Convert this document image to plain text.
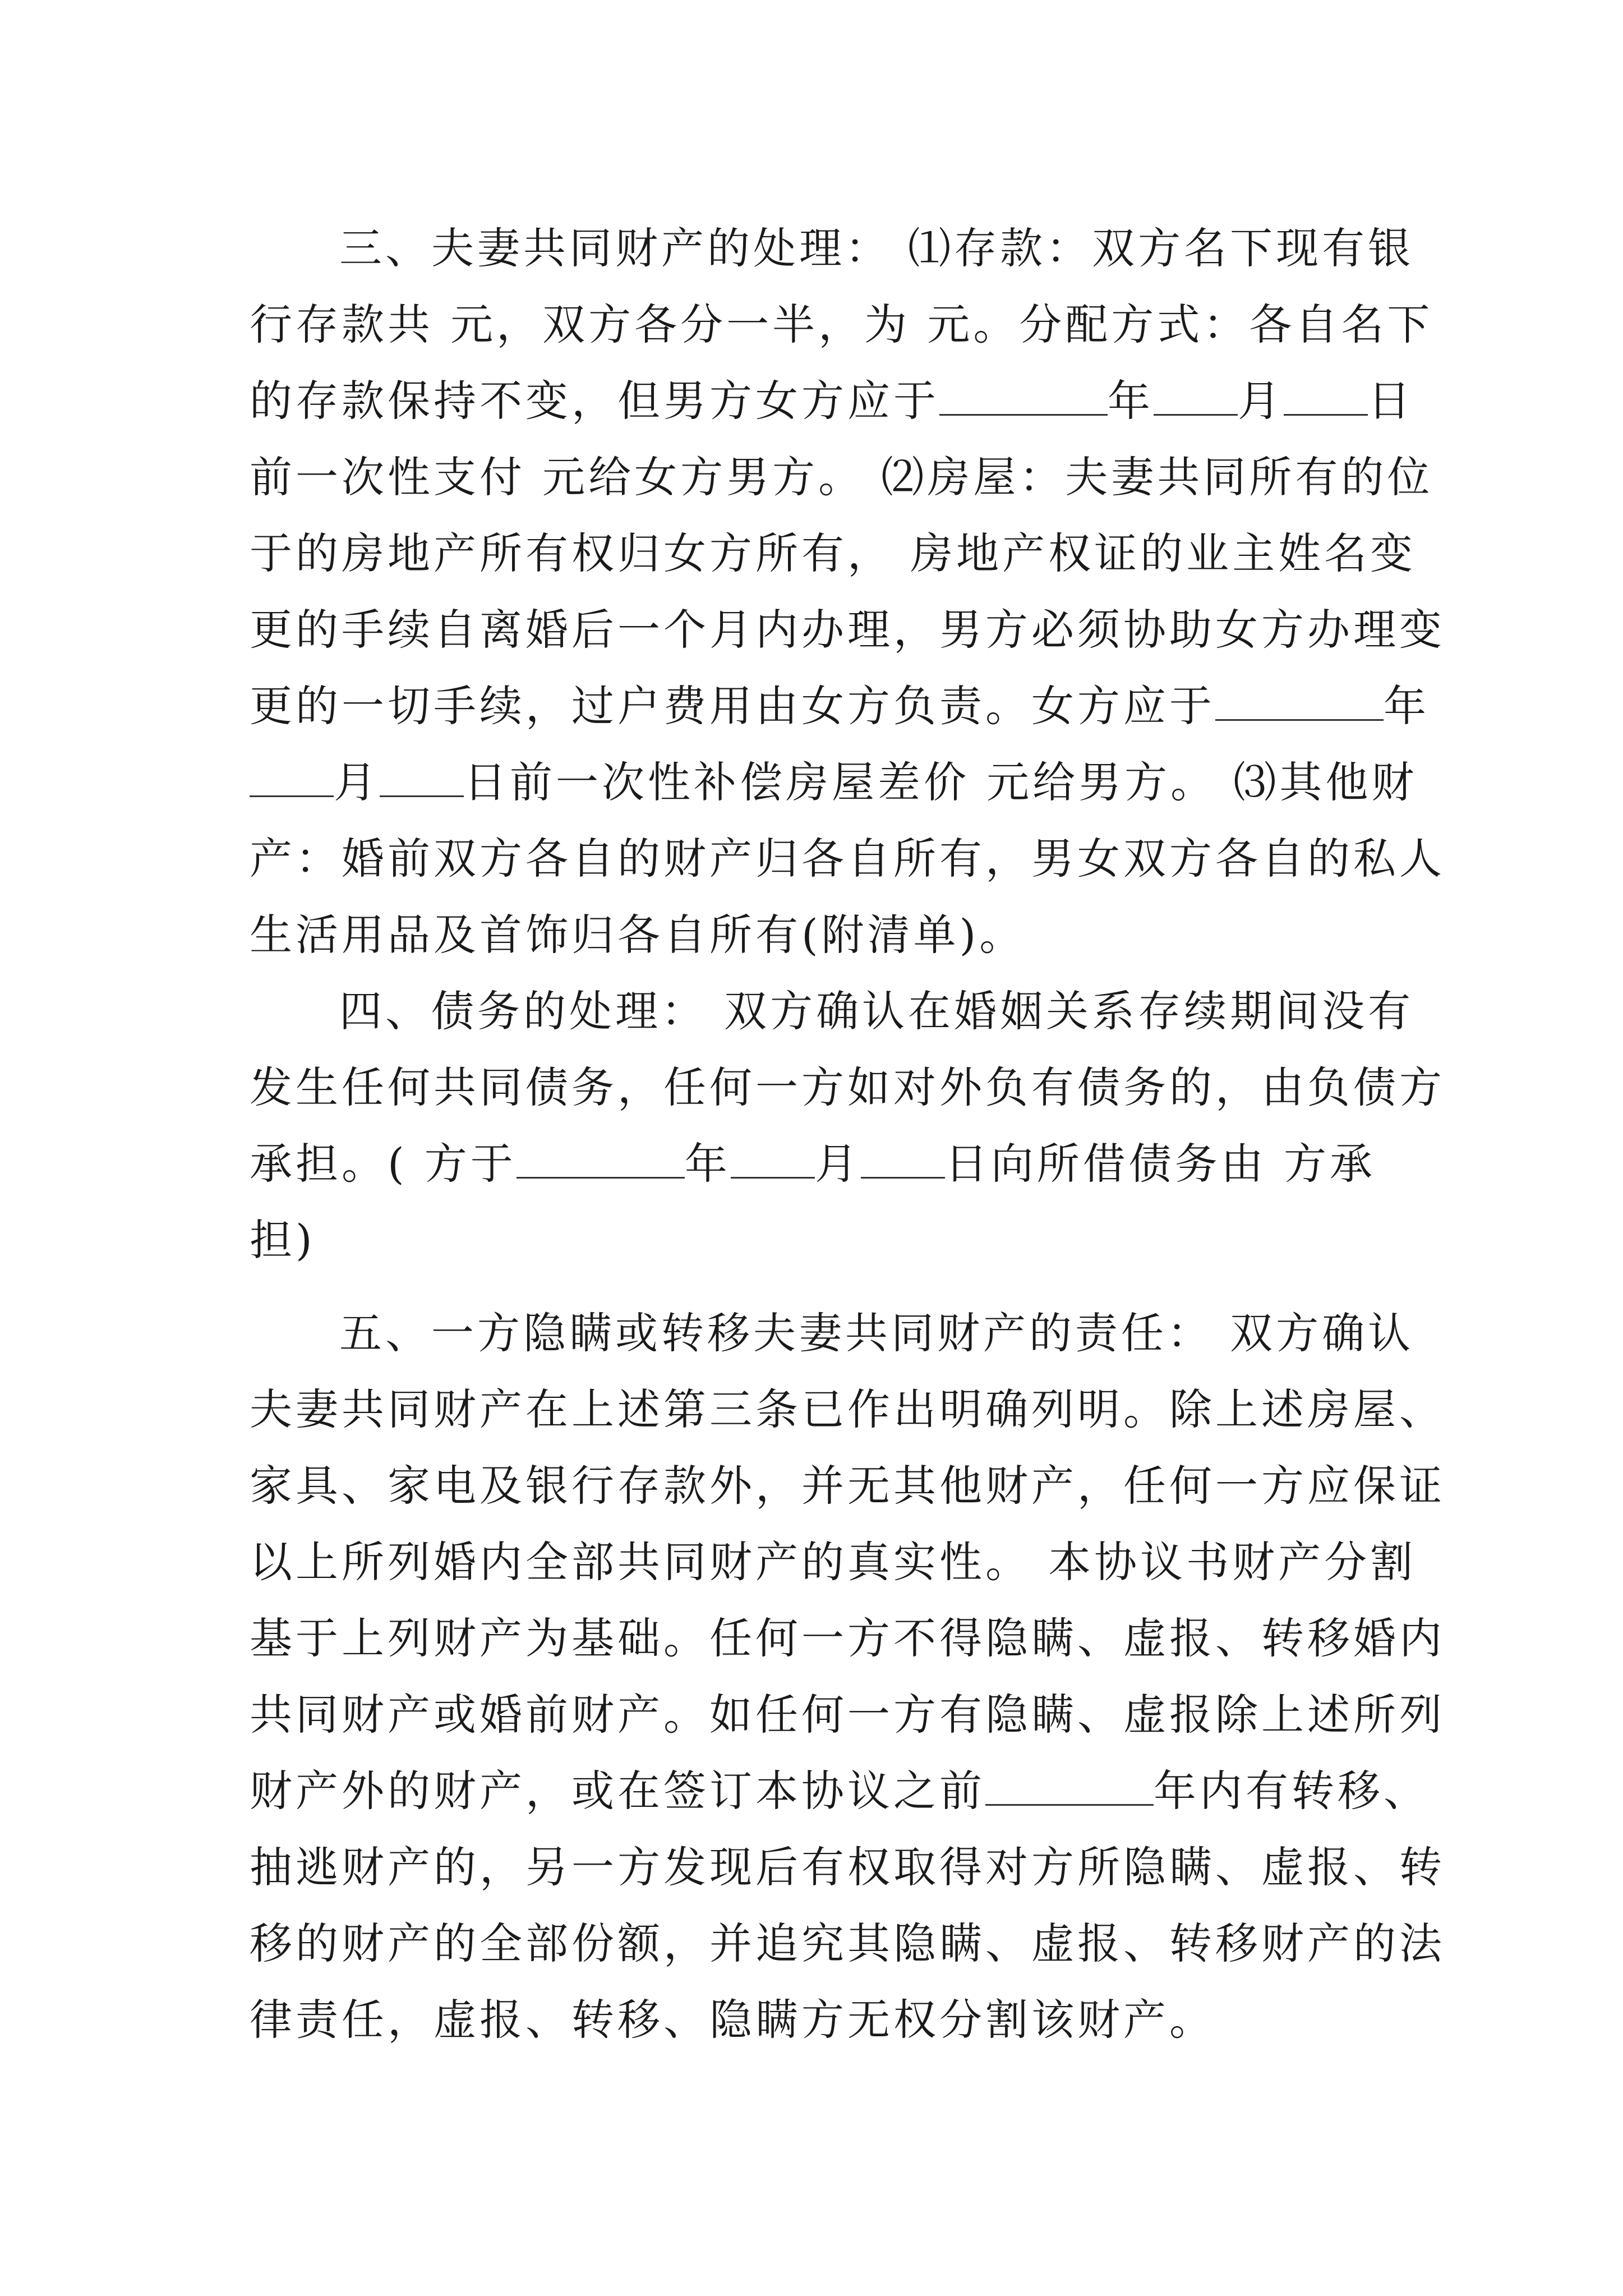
三、夫妻共同财产的处理： ⑴存款：双方名下现有银
行存款共 元，双方各分一半，为 元。分配方式：各自名下
的存款保持不变，但男方女方应于	年 月 日
前一次性支付 元给女方男方。 ⑵房屋：夫妻共同所有的位
于的房地产所有权归女方所有， 房地产权证的业主姓名变
更的手续自离婚后一个月内办理，男方必须协助女方办理变
更的一切手续，过户费用由女方负责。女方应于	年
月 日前一次性补偿房屋差价 元给男方。 ⑶其他财
产：婚前双方各自的财产归各自所有，男女双方各自的私人
生活用品及首饰归各自所有(附清单)。
四、债务的处理： 双方确认在婚姻关系存续期间没有
发生任何共同债务，任何一方如对外负有债务的，由负债方
承担。( 方于	年 月 日向所借债务由 方承
担)
五、一方隐瞒或转移夫妻共同财产的责任： 双方确认
夫妻共同财产在上述第三条已作出明确列明。除上述房屋、
家具、家电及银行存款外，并无其他财产，任何一方应保证
以上所列婚内全部共同财产的真实性。 本协议书财产分割
基于上列财产为基础。任何一方不得隐瞒、虚报、转移婚内
共同财产或婚前财产。如任何一方有隐瞒、虚报除上述所列
财产外的财产，或在签订本协议之前	年内有转移、
抽逃财产的，另一方发现后有权取得对方所隐瞒、虚报、转
移的财产的全部份额，并追究其隐瞒、虚报、转移财产的法
律责任，虚报、转移、隐瞒方无权分割该财产。
